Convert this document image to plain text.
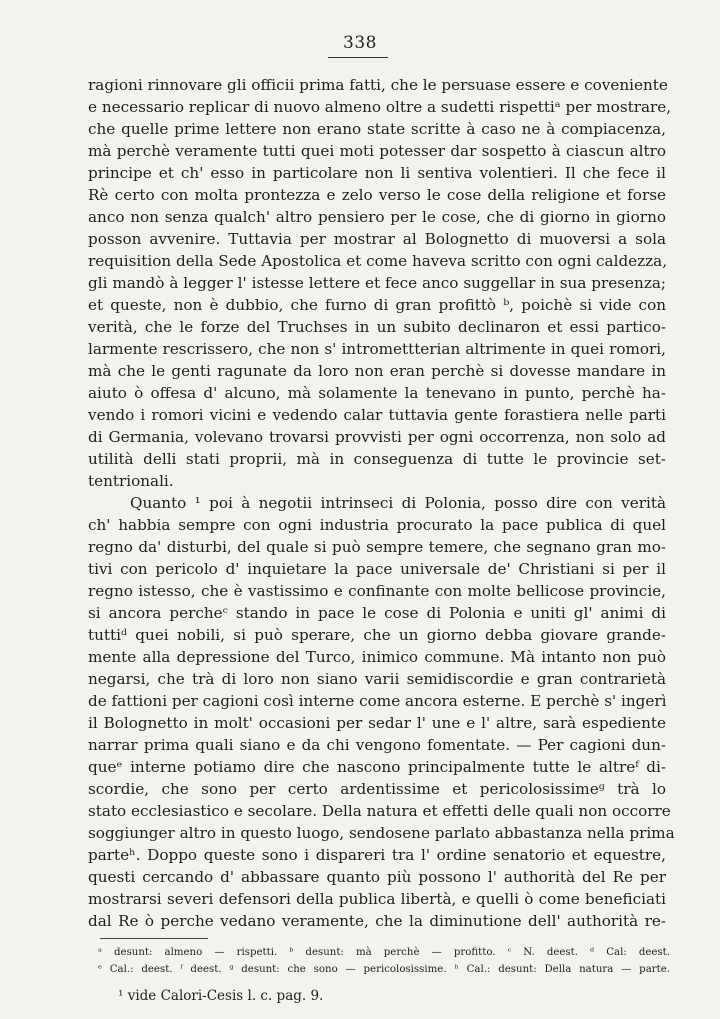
338
ragioni rinnovare gli officii prima fatti, che le persuase essere e coveniente
e necessario replicar di nuovo almeno oltre a sudetti rispettiᵃ per mostrare,
che quelle prime lettere non erano state scritte à caso ne à compiacenza,
mà perchè veramente tutti quei moti potesser dar sospetto à ciascun altro
principe et ch' esso in particolare non li sentiva volentieri. Il che fece il
Rè certo con molta prontezza e zelo verso le cose della religione et forse
anco non senza qualch' altro pensiero per le cose, che di giorno in giorno
posson avvenire. Tuttavia per mostrar al Bolognetto di muoversi a sola
requisition della Sede Apostolica et come haveva scritto con ogni caldezza,
gli mandò à legger l' istesse lettere et fece anco suggellar in sua presenza;
et queste, non è dubbio, che furno di gran profittò ᵇ, poichè si vide con
verità, che le forze del Truchses in un subito declinaron et essi partico-
larmente rescrissero, che non s' intromettterian altrimente in quei romori,
mà che le genti ragunate da loro non eran perchè si dovesse mandare in
aiuto ò offesa d' alcuno, mà solamente la tenevano in punto, perchè ha-
vendo i romori vicini e vedendo calar tuttavia gente forastiera nelle parti
di Germania, volevano trovarsi provvisti per ogni occorrenza, non solo ad
utilità delli stati proprii, mà in conseguenza di tutte le provincie set-
tentrionali.
Quanto ¹ poi à negotii intrinseci di Polonia, posso dire con verità
ch' habbia sempre con ogni industria procurato la pace publica di quel
regno da' disturbi, del quale si può sempre temere, che segnano gran mo-
tivi con pericolo d' inquietare la pace universale de' Christiani si per il
regno istesso, che è vastissimo e confinante con molte bellicose provincie,
si ancora percheᶜ stando in pace le cose di Polonia e uniti gl' animi di
tuttiᵈ quei nobili, si può sperare, che un giorno debba giovare grande-
mente alla depressione del Turco, inimico commune. Mà intanto non può
negarsi, che trà di loro non siano varii semidiscordie e gran contrarietà
de fattioni per cagioni così interne come ancora esterne. E perchè s' ingerì
il Bolognetto in molt' occasioni per sedar l' une e l' altre, sarà espediente
narrar prima quali siano e da chi vengono fomentate. — Per cagioni dun-
queᵉ interne potiamo dire che nascono principalmente tutte le altreᶠ di-
scordie, che sono per certo ardentissime et pericolosissimeᵍ trà lo
stato ecclesiastico e secolare. Della natura et effetti delle quali non occorre
soggiunger altro in questo luogo, sendosene parlato abbastanza nella prima
parteʰ. Doppo queste sono i dispareri tra l' ordine senatorio et equestre,
questi cercando d' abbassare quanto più possono l' authorità del Re per
mostrarsi severi defensori della publica libertà, e quelli ò come beneficiati
dal Re ò perche vedano veramente, che la diminutione dell' authorità re-
ᵃ desunt: almeno — rispetti. ᵇ desunt: mà perchè — profitto. ᶜ N. deest. ᵈ Cal: deest.
ᵉ Cal.: deest. ᶠ deest. ᵍ desunt: che sono — pericolosissime. ʰ Cal.: desunt: Della natura — parte.
¹ vide Calori-Cesis l. c. pag. 9.
